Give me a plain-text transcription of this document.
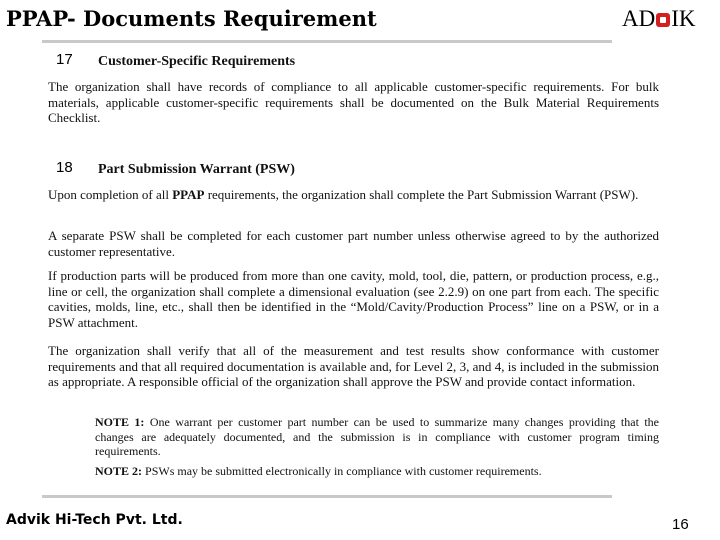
PPAP- Documents Requirement	AD IK
17 Customer-Specific Requirements
The organization shall have records of compliance to all applicable customer-specific requirements. For bulk materials, applicable customer-specific requirements shall be documented on the Bulk Material Requirements Checklist.
18 Part Submission Warrant (PSW)
Upon completion of all PPAP requirements, the organization shall complete the Part Submission Warrant (PSW).
A separate PSW shall be completed for each customer part number unless otherwise agreed to by the authorized customer representative.
If production parts will be produced from more than one cavity, mold, tool, die, pattern, or production process, e.g., line or cell, the organization shall complete a dimensional evaluation (see 2.2.9) on one part from each. The specific cavities, molds, line, etc., shall then be identified in the “Mold/Cavity/Production Process” line on a PSW, or in a PSW attachment.
The organization shall verify that all of the measurement and test results show conformance with customer requirements and that all required documentation is available and, for Level 2, 3, and 4, is included in the submission as appropriate. A responsible official of the organization shall approve the PSW and provide contact information.
NOTE 1: One warrant per customer part number can be used to summarize many changes providing that the changes are adequately documented, and the submission is in compliance with customer program timing requirements.
NOTE 2: PSWs may be submitted electronically in compliance with customer requirements.
Advik Hi-Tech Pvt. Ltd.	16
